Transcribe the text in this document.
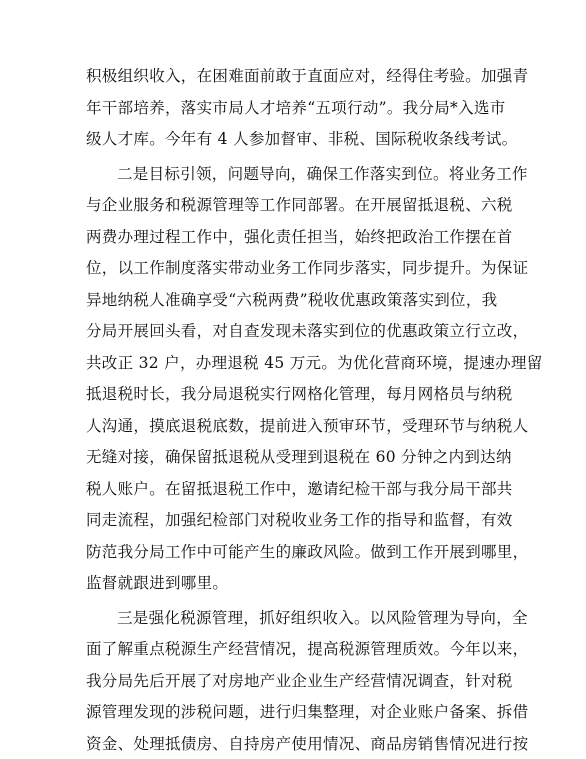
积极组织收入，在困难面前敢于直面应对，经得住考验。加强青
年干部培养，落实市局人才培养“五项行动”。我分局*入选市
级人才库。今年有 4 人参加督审、非税、国际税收条线考试。
二是目标引领，问题导向，确保工作落实到位。将业务工作
与企业服务和税源管理等工作同部署。在开展留抵退税、六税
两费办理过程工作中，强化责任担当，始终把政治工作摆在首
位，以工作制度落实带动业务工作同步落实，同步提升。为保证
异地纳税人准确享受“六税两费”税收优惠政策落实到位，我
分局开展回头看，对自查发现未落实到位的优惠政策立行立改，
共改正 32 户，办理退税 45 万元。为优化营商环境，提速办理留
抵退税时长，我分局退税实行网格化管理，每月网格员与纳税
人沟通，摸底退税底数，提前进入预审环节，受理环节与纳税人
无缝对接，确保留抵退税从受理到退税在 60 分钟之内到达纳
税人账户。在留抵退税工作中，邀请纪检干部与我分局干部共
同走流程，加强纪检部门对税收业务工作的指导和监督，有效
防范我分局工作中可能产生的廉政风险。做到工作开展到哪里，
监督就跟进到哪里。
三是强化税源管理，抓好组织收入。以风险管理为导向，全
面了解重点税源生产经营情况，提高税源管理质效。今年以来，
我分局先后开展了对房地产业企业生产经营情况调查，针对税
源管理发现的涉税问题，进行归集整理，对企业账户备案、拆借
资金、处理抵债房、自持房产使用情况、商品房销售情况进行按
